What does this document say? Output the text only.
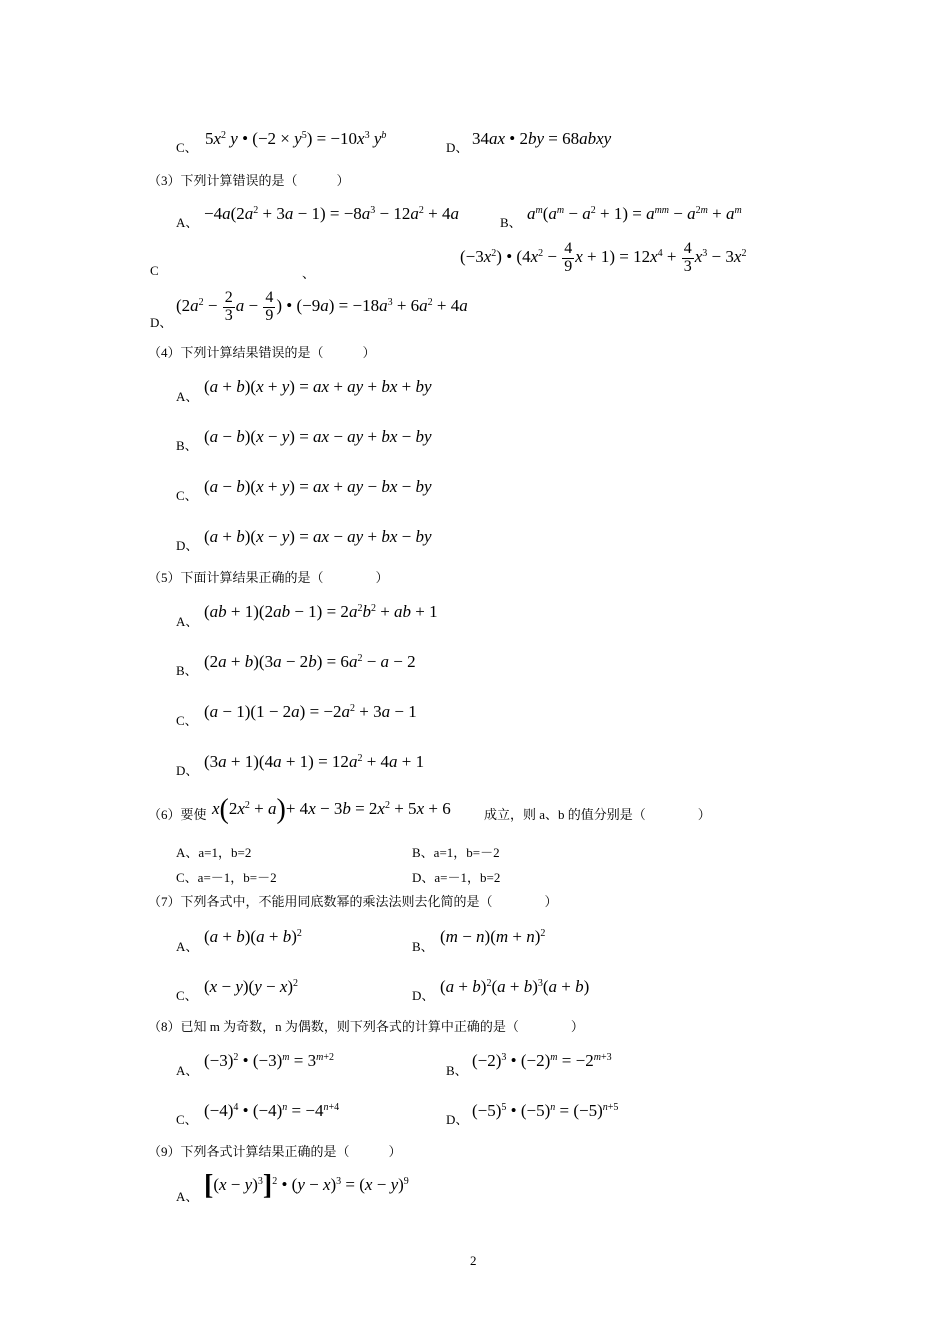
C、 $5x^2$ y • $(-2 \times y^5) = -10x^3$ $y^b$
D、 34ax • 2by = 68abxy
（3）下列计算错误的是（　　　）
A、 $-4a(2a^2 + 3a - 1) = -8a^3 - 12a^2 + 4a$	B、 $a^m(a^m - a^2 + 1) = a^{mm} - a^{2m} + a^m$
C	、
$(-3x^2)$ • ($4x^2 - \frac{4}{9}$ $x + 1) = 12x^4 + \frac{4}{3} x^3 - 3x^2$
D、
($2a^2 - \frac{2}{3}$ $a - \frac{4}{9}$ ) • $(-9a) = -18a^3 + 6a^2 + 4a$
（4）下列计算结果错误的是（　　　）
A、
(a + b)(x + y) = ax + ay + bx + by
B、 (a − b)(x − y) = ax − ay + bx − by
C、 (a − b)(x + y) = ax + ay − bx − by
D、 (a + b)(x − y) = ax − ay + bx − by
（5）下面计算结果正确的是（　　　　）
A、
$(ab + 1)(2ab - 1) = 2a^2b^2$ + ab + 1
B、 $(2a + b)(3a - 2b) = 6a^2 - a - 2$
C、 $(a - 1)(1 - 2a) = -2a^2 + 3a - 1$
D、 $(3a + 1)(4a + 1) = 12a^2 + 4a + 1$
（6）要使 $x(2x^2 + a)+ 4x - 3b = 2x^2 + 5x + 6$	成立，则 a、b 的值分别是（　　　　）
A、a=1，b=2	B、a=1，b=－2
C、a=－1，b=－2	D、a=－1，b=2
（7）下列各式中，不能用同底数幂的乘法法则去化简的是（　　　　）
A、
$(a + b)(a + b)^2$
B、
$(m - n)(m + n)^2$
C、 $(x - y)(y - x)^2$
D、 $(a + b)^2(a + b)^3(a + b)$
（8）已知 m 为奇数，n 为偶数，则下列各式的计算中正确的是（　　　　）
A、
$(-3)^2$ • $(-3)^m = 3^{m+2}$
B、
$(-2)^3$ • $(-2)^m = -2^{m+3}$
C、 $(-4)^4$ • $(-4)^n = -4^{n+4}$
D、 $(-5)^5$ • $(-5)^n = (-5)^{n+5}$
（9）下列各式计算结果正确的是（　　　）
A、 $[(x - y)^3]^2$ • $(y - x)^3 = (x - y)^9$
2
